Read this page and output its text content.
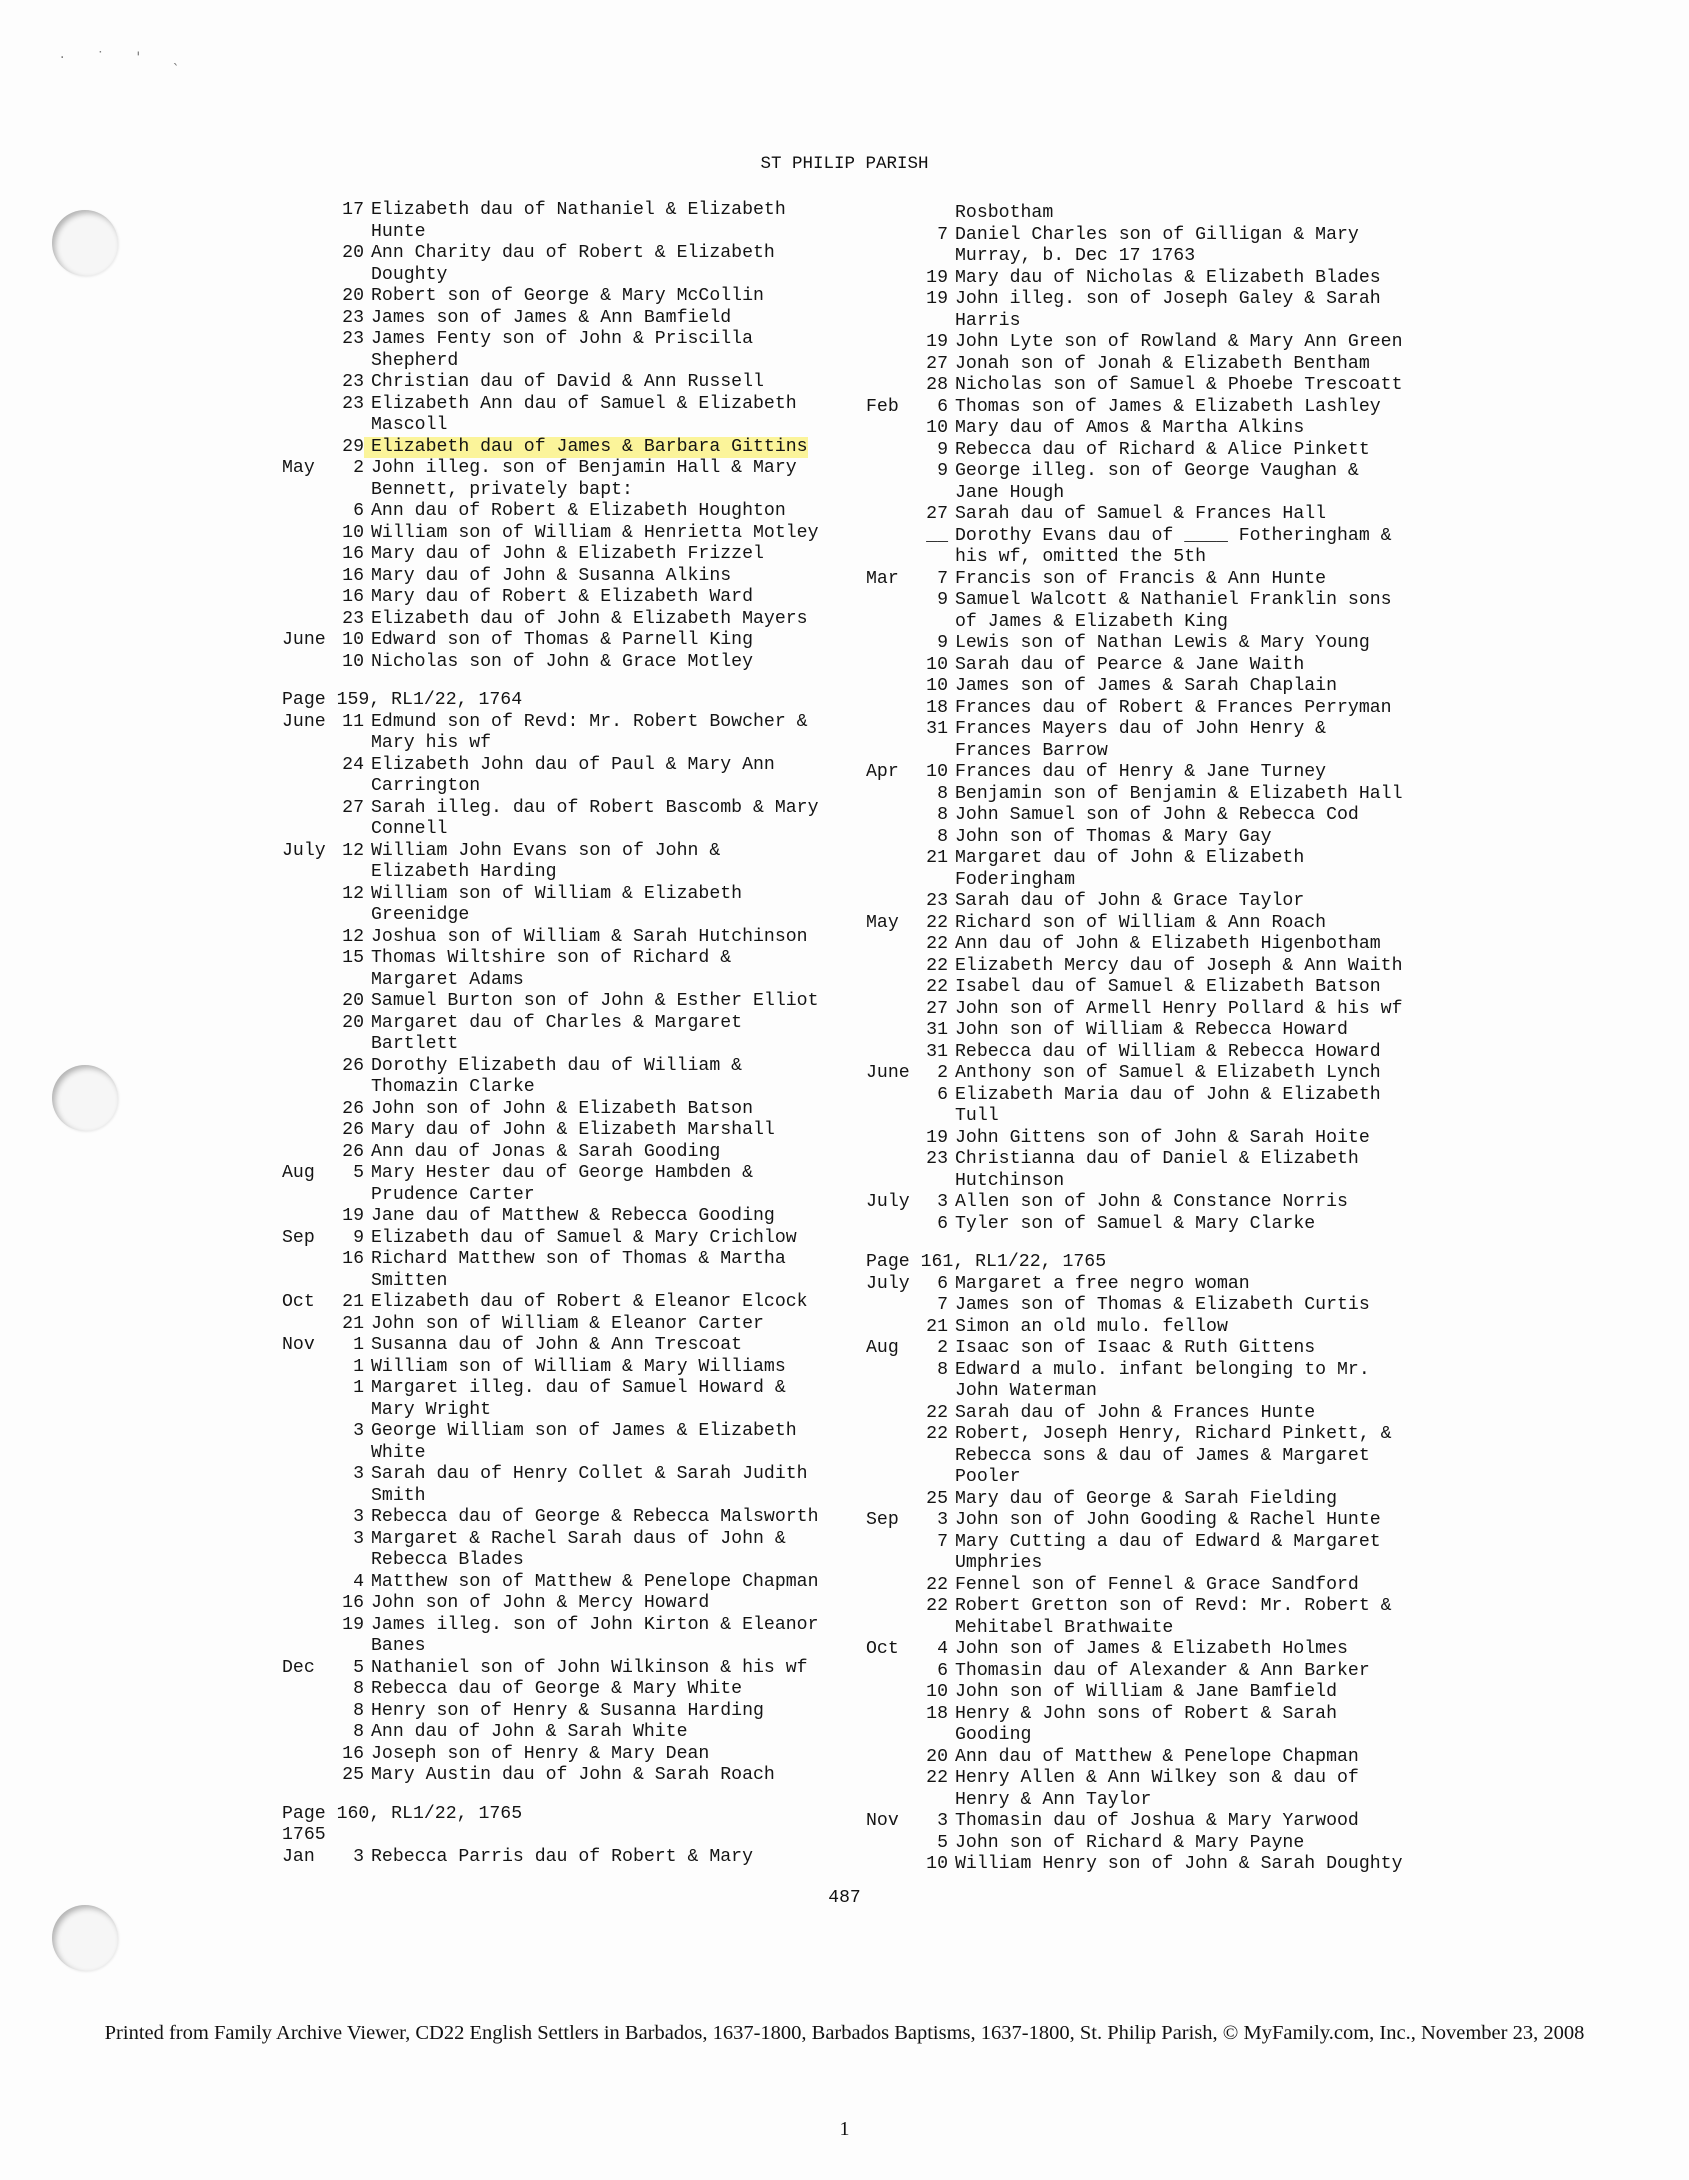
· ˙ ' ˎ
ST PHILIP PARISH
17 Elizabeth dau of Nathaniel & Elizabeth
Hunte
20 Ann Charity dau of Robert & Elizabeth
Doughty
20 Robert son of George & Mary McCollin
23 James son of James & Ann Bamfield
23 James Fenty son of John & Priscilla
Shepherd
23 Christian dau of David & Ann Russell
23 Elizabeth Ann dau of Samuel & Elizabeth
Mascoll
29 Elizabeth dau of James & Barbara Gittins
May	2 John illeg. son of Benjamin Hall & Mary
Bennett, privately bapt:
6 Ann dau of Robert & Elizabeth Houghton
10 William son of William & Henrietta Motley
16 Mary dau of John & Elizabeth Frizzel
16 Mary dau of John & Susanna Alkins
16 Mary dau of Robert & Elizabeth Ward
23 Elizabeth dau of John & Elizabeth Mayers
June 10 Edward son of Thomas & Parnell King
10 Nicholas son of John & Grace Motley
Page 159, RL1/22, 1764
June 11 Edmund son of Revd: Mr. Robert Bowcher &
Mary his wf
24 Elizabeth John dau of Paul & Mary Ann
Carrington
27 Sarah illeg. dau of Robert Bascomb & Mary
Connell
July 12 William John Evans son of John &
Elizabeth Harding
12 William son of William & Elizabeth
Greenidge
12 Joshua son of William & Sarah Hutchinson
15 Thomas Wiltshire son of Richard &
Margaret Adams
20 Samuel Burton son of John & Esther Elliot
20 Margaret dau of Charles & Margaret
Bartlett
26 Dorothy Elizabeth dau of William &
Thomazin Clarke
26 John son of John & Elizabeth Batson
26 Mary dau of John & Elizabeth Marshall
26 Ann dau of Jonas & Sarah Gooding
Aug	5 Mary Hester dau of George Hambden &
Prudence Carter
19 Jane dau of Matthew & Rebecca Gooding
Sep	9 Elizabeth dau of Samuel & Mary Crichlow
16 Richard Matthew son of Thomas & Martha
Smitten
Oct	21 Elizabeth dau of Robert & Eleanor Elcock
21 John son of William & Eleanor Carter
Nov	1 Susanna dau of John & Ann Trescoat
1 William son of William & Mary Williams
1 Margaret illeg. dau of Samuel Howard &
Mary Wright
3 George William son of James & Elizabeth
White
3 Sarah dau of Henry Collet & Sarah Judith
Smith
3 Rebecca dau of George & Rebecca Malsworth
3 Margaret & Rachel Sarah daus of John &
Rebecca Blades
4 Matthew son of Matthew & Penelope Chapman
16 John son of John & Mercy Howard
19 James illeg. son of John Kirton & Eleanor
Banes
Dec	5 Nathaniel son of John Wilkinson & his wf
8 Rebecca dau of George & Mary White
8 Henry son of Henry & Susanna Harding
8 Ann dau of John & Sarah White
16 Joseph son of Henry & Mary Dean
25 Mary Austin dau of John & Sarah Roach
Page 160, RL1/22, 1765
1765
Jan	3 Rebecca Parris dau of Robert & Mary
Rosbotham
7 Daniel Charles son of Gilligan & Mary
Murray, b. Dec 17 1763
19 Mary dau of Nicholas & Elizabeth Blades
19 John illeg. son of Joseph Galey & Sarah
Harris
19 John Lyte son of Rowland & Mary Ann Green
27 Jonah son of Jonah & Elizabeth Bentham
28 Nicholas son of Samuel & Phoebe Trescoatt
Feb	6 Thomas son of James & Elizabeth Lashley
10 Mary dau of Amos & Martha Alkins
9 Rebecca dau of Richard & Alice Pinkett
9 George illeg. son of George Vaughan &
Jane Hough
27 Sarah dau of Samuel & Frances Hall
__ Dorothy Evans dau of ____ Fotheringham &
his wf, omitted the 5th
Mar	7 Francis son of Francis & Ann Hunte
9 Samuel Walcott & Nathaniel Franklin sons
of James & Elizabeth King
9 Lewis son of Nathan Lewis & Mary Young
10 Sarah dau of Pearce & Jane Waith
10 James son of James & Sarah Chaplain
18 Frances dau of Robert & Frances Perryman
31 Frances Mayers dau of John Henry &
Frances Barrow
Apr	10 Frances dau of Henry & Jane Turney
8 Benjamin son of Benjamin & Elizabeth Hall
8 John Samuel son of John & Rebecca Cod
8 John son of Thomas & Mary Gay
21 Margaret dau of John & Elizabeth
Foderingham
23 Sarah dau of John & Grace Taylor
May	22 Richard son of William & Ann Roach
22 Ann dau of John & Elizabeth Higenbotham
22 Elizabeth Mercy dau of Joseph & Ann Waith
22 Isabel dau of Samuel & Elizabeth Batson
27 John son of Armell Henry Pollard & his wf
31 John son of William & Rebecca Howard
31 Rebecca dau of William & Rebecca Howard
June	2 Anthony son of Samuel & Elizabeth Lynch
6 Elizabeth Maria dau of John & Elizabeth
Tull
19 John Gittens son of John & Sarah Hoite
23 Christianna dau of Daniel & Elizabeth
Hutchinson
July	3 Allen son of John & Constance Norris
6 Tyler son of Samuel & Mary Clarke
Page 161, RL1/22, 1765
July	6 Margaret a free negro woman
7 James son of Thomas & Elizabeth Curtis
21 Simon an old mulo. fellow
Aug	2 Isaac son of Isaac & Ruth Gittens
8 Edward a mulo. infant belonging to Mr.
John Waterman
22 Sarah dau of John & Frances Hunte
22 Robert, Joseph Henry, Richard Pinkett, &
Rebecca sons & dau of James & Margaret
Pooler
25 Mary dau of George & Sarah Fielding
Sep	3 John son of John Gooding & Rachel Hunte
7 Mary Cutting a dau of Edward & Margaret
Umphries
22 Fennel son of Fennel & Grace Sandford
22 Robert Gretton son of Revd: Mr. Robert &
Mehitabel Brathwaite
Oct	4 John son of James & Elizabeth Holmes
6 Thomasin dau of Alexander & Ann Barker
10 John son of William & Jane Bamfield
18 Henry & John sons of Robert & Sarah
Gooding
20 Ann dau of Matthew & Penelope Chapman
22 Henry Allen & Ann Wilkey son & dau of
Henry & Ann Taylor
Nov	3 Thomasin dau of Joshua & Mary Yarwood
5 John son of Richard & Mary Payne
10 William Henry son of John & Sarah Doughty
487
Printed from Family Archive Viewer, CD22 English Settlers in Barbados, 1637-1800, Barbados Baptisms, 1637-1800, St. Philip Parish, © MyFamily.com, Inc., November 23, 2008
1
